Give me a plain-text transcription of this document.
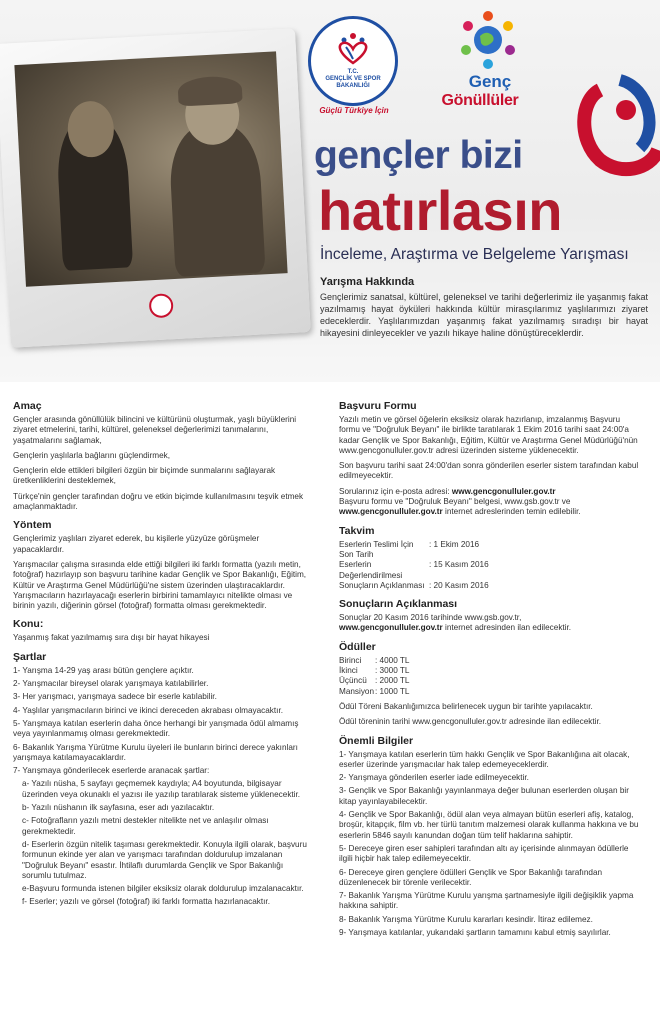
T.C.
GENÇLİK VE SPOR
BAKANLIĞI
Güçlü Türkiye İçin
Genç
Gönüllüler
gençler bizi
hatırlasın
İnceleme, Araştırma ve Belgeleme Yarışması
Yarışma Hakkında
Gençlerimiz sanatsal, kültürel, geleneksel ve tarihi değerlerimiz ile yaşanmış fakat yazılmamış hayat öyküleri hakkında kültür mirasçılarımız yaşlılarımızı ziyaret edeceklerdir. Yaşlılarımızdan yaşanmış fakat yazılmamış sıradışı bir hayat hikayesini dinleyecekler ve yazılı hikaye haline dönüştüreceklerdir.
Amaç
Gençler arasında gönüllülük bilincini ve kültürünü oluşturmak, yaşlı büyüklerini ziyaret etmelerini, tarihi, kültürel, geleneksel değerlerimizi tanımalarını, yaşatmalarını sağlamak,
Gençlerin yaşlılarla bağlarını güçlendirmek,
Gençlerin elde ettikleri bilgileri özgün bir biçimde sunmalarını sağlayarak üretkenliklerini desteklemek,
Türkçe'nin gençler tarafından doğru ve etkin biçimde kullanılmasını teşvik etmek amaçlanmaktadır.
Yöntem
Gençlerimiz yaşlıları ziyaret ederek, bu kişilerle yüzyüze görüşmeler yapacaklardır.
Yarışmacılar çalışma sırasında elde ettiği bilgileri iki farklı formatta (yazılı metin, fotoğraf) hazırlayıp son başvuru tarihine kadar Gençlik ve Spor Bakanlığı, Eğitim, Kültür ve Araştırma Genel Müdürlüğü'ne sistem üzerinden ulaştıracaklardır. Yarışmacıların hazırlayacağı eserlerin birbirini tamamlayıcı nitelikte olması ve birinin yazılı, diğerinin görsel (fotoğraf) formatta olması gerekmektedir.
Konu:
Yaşanmış fakat yazılmamış sıra dışı bir hayat hikayesi
Şartlar
1- Yarışma 14-29 yaş arası bütün gençlere açıktır.
2- Yarışmacılar bireysel olarak yarışmaya katılabilirler.
3- Her yarışmacı, yarışmaya sadece bir eserle katılabilir.
4- Yaşlılar yarışmacıların birinci ve ikinci dereceden akrabası olmayacaktır.
5- Yarışmaya katılan eserlerin daha önce herhangi bir yarışmada ödül almamış veya yayınlanmamış olması gerekmektedir.
6- Bakanlık Yarışma Yürütme Kurulu üyeleri ile bunların birinci derece yakınları yarışmaya katılamayacaklardır.
7- Yarışmaya gönderilecek eserlerde aranacak şartlar:
a- Yazılı nüsha, 5 sayfayı geçmemek kaydıyla; A4 boyutunda, bilgisayar üzerinden veya okunaklı el yazısı ile yazılıp taratılarak sisteme yüklenecektir.
b- Yazılı nüshanın ilk sayfasına, eser adı yazılacaktır.
c- Fotoğrafların yazılı metni destekler nitelikte net ve anlaşılır olması gerekmektedir.
d- Eserlerin özgün nitelik taşıması gerekmektedir. Konuyla ilgili olarak, başvuru formunun ekinde yer alan ve yarışmacı tarafından doldurulup imzalanan "Doğruluk Beyanı" esastır. İhtilaflı durumlarda Gençlik ve Spor Bakanlığı sorumlu tutulmaz.
e-Başvuru formunda istenen bilgiler eksiksiz olarak doldurulup imzalanacaktır.
f- Eserler; yazılı ve görsel (fotoğraf) iki farklı formatta hazırlanacaktır.
Başvuru Formu
Yazılı metin ve görsel öğelerin eksiksiz olarak hazırlanıp, imzalanmış Başvuru formu ve "Doğruluk Beyanı" ile birlikte taratılarak 1 Ekim 2016 tarihi saat 24:00'a kadar Gençlik ve Spor Bakanlığı, Eğitim, Kültür ve Araştırma Genel Müdürlüğü'nün www.gencgonulluler.gov.tr adresi üzerinden sisteme yüklenecektir.
Son başvuru tarihi saat 24:00'dan sonra gönderilen eserler sistem tarafından kabul edilmeyecektir.
Sorularınız için e-posta adresi: www.gencgonulluler.gov.tr
Başvuru formu ve "Doğruluk Beyanı" belgesi, www.gsb.gov.tr ve
www.gencgonulluler.gov.tr internet adreslerinden temin edilebilir.
Takvim
Eserlerin Teslimi İçin Son Tarih
: 1 Ekim 2016
Eserlerin Değerlendirilmesi
: 15 Kasım 2016
Sonuçların Açıklanması : 20 Kasım 2016
Sonuçların Açıklanması
Sonuçlar 20 Kasım 2016 tarihinde www.gsb.gov.tr,
www.gencgonulluler.gov.tr internet adresinden ilan edilecektir.
Ödüller
Birinci	: 4000 TL
İkinci	: 3000 TL
Üçüncü	: 2000 TL
Mansiyon : 1000 TL
Ödül Töreni Bakanlığımızca belirlenecek uygun bir tarihte yapılacaktır.
Ödül töreninin tarihi www.gencgonulluler.gov.tr adresinde ilan edilecektir.
Önemli Bilgiler
1- Yarışmaya katılan eserlerin tüm hakkı Gençlik ve Spor Bakanlığına ait olacak, eserler üzerinde yarışmacılar hak talep edemeyeceklerdir.
2- Yarışmaya gönderilen eserler iade edilmeyecektir.
3- Gençlik ve Spor Bakanlığı yayınlanmaya değer bulunan eserlerden oluşan bir kitap yayınlayabilecektir.
4- Gençlik ve Spor Bakanlığı, ödül alan veya almayan bütün eserleri afiş, katalog, broşür, kitapçık, film vb. her türlü tanıtım malzemesi olarak kullanma hakkına ve bu eserlerin 5846 sayılı kanundan doğan tüm telif haklarına sahiptir.
5- Dereceye giren eser sahipleri tarafından altı ay içerisinde alınmayan ödüllerle ilgili hiçbir hak talep edilemeyecektir.
6- Dereceye giren gençlere ödülleri Gençlik ve Spor Bakanlığı tarafından düzenlenecek bir törenle verilecektir.
7- Bakanlık Yarışma Yürütme Kurulu yarışma şartnamesiyle ilgili değişiklik yapma hakkına sahiptir.
8- Bakanlık Yarışma Yürütme Kurulu kararları kesindir. İtiraz edilemez.
9- Yarışmaya katılanlar, yukarıdaki şartların tamamını kabul etmiş sayılırlar.
